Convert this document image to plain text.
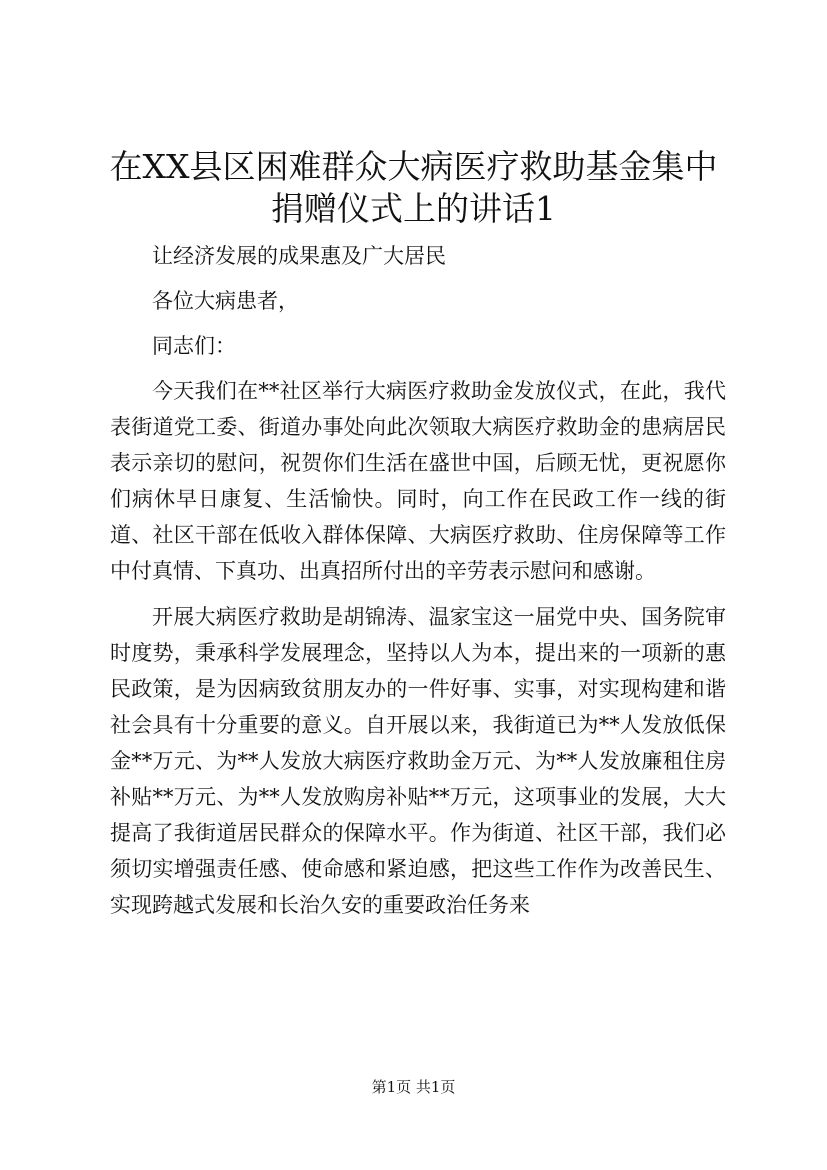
在XX县区困难群众大病医疗救助基金集中捐赠仪式上的讲话1

让经济发展的成果惠及广大居民

各位大病患者，

同志们：

今天我们在**社区举行大病医疗救助金发放仪式，在此，我代表街道党工委、街道办事处向此次领取大病医疗救助金的患病居民表示亲切的慰问，祝贺你们生活在盛世中国，后顾无忧，更祝愿你们病休早日康复、生活愉快。同时，向工作在民政工作一线的街道、社区干部在低收入群体保障、大病医疗救助、住房保障等工作中付真情、下真功、出真招所付出的辛劳表示慰问和感谢。

开展大病医疗救助是胡锦涛、温家宝这一届党中央、国务院审时度势，秉承科学发展理念，坚持以人为本，提出来的一项新的惠民政策，是为因病致贫朋友办的一件好事、实事，对实现构建和谐社会具有十分重要的意义。自开展以来，我街道已为**人发放低保金**万元、为**人发放大病医疗救助金万元、为**人发放廉租住房补贴**万元、为**人发放购房补贴**万元，这项事业的发展，大大提高了我街道居民群众的保障水平。作为街道、社区干部，我们必须切实增强责任感、使命感和紧迫感，把这些工作作为改善民生、实现跨越式发展和长治久安的重要政治任务来

第1页 共1页
